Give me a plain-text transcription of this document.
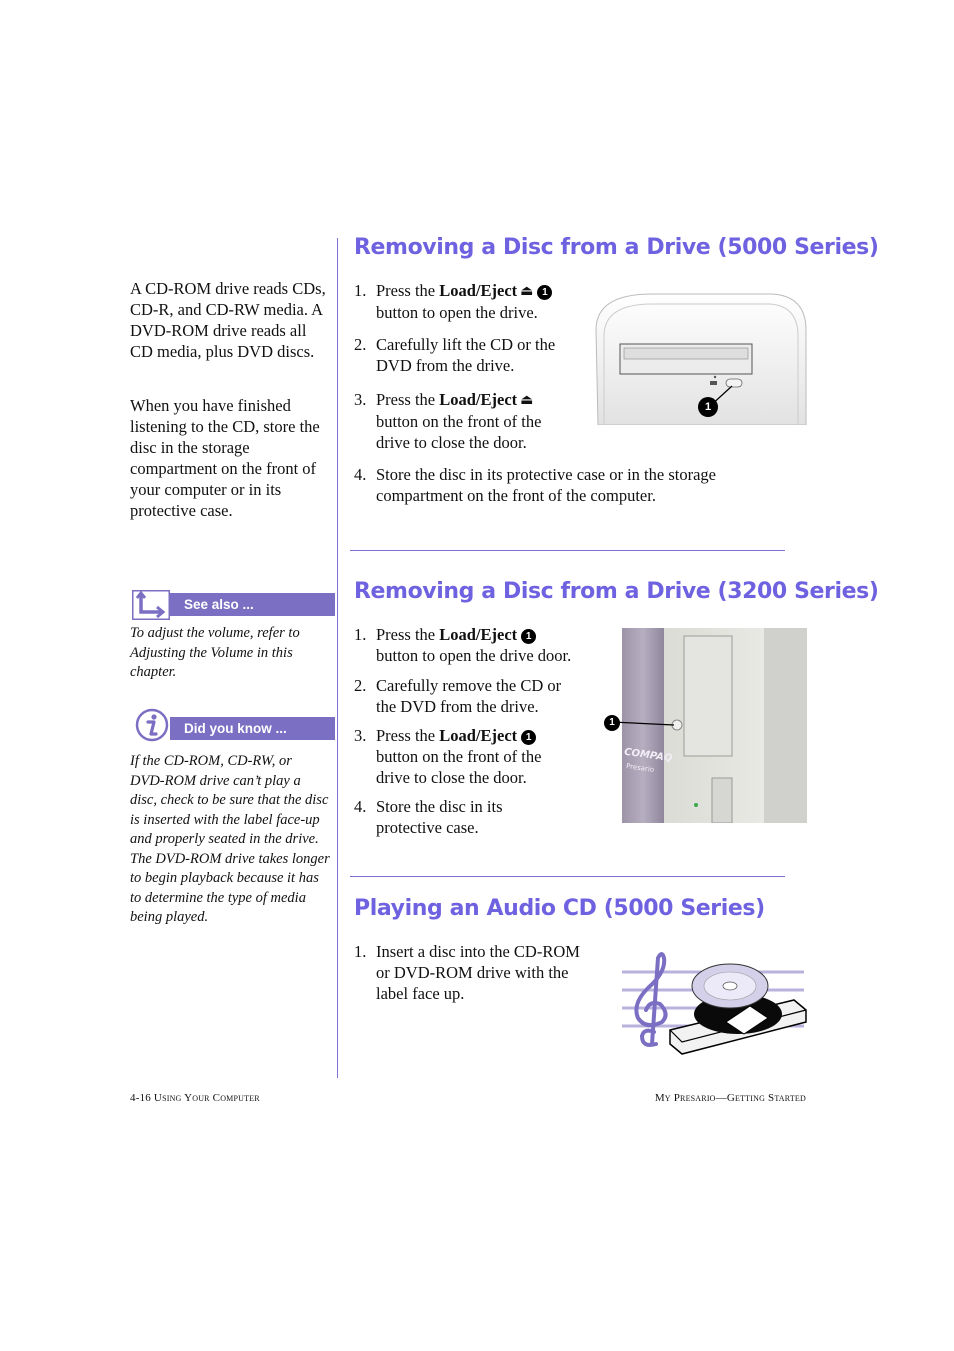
A CD-ROM drive reads CDs, CD-R, and CD-RW media. A DVD-ROM drive reads all CD media, plus DVD discs.
When you have finished listening to the CD, store the disc in the storage compartment on the front of your computer or in its protective case.
See also ...
To adjust the volume, refer to Adjusting the Volume in this chapter.
Did you know ...
If the CD-ROM, CD-RW, or DVD-ROM drive can’t play a disc, check to be sure that the disc is inserted with the label face-up and properly seated in the drive. The DVD-ROM drive takes longer to begin playback because it has to determine the type of media being played.
Removing a Disc from a Drive (5000 Series)
1. Press the Load/Eject ⏏ 1
button to open the drive.
2. Carefully lift the CD or the DVD from the drive.
3. Press the Load/Eject ⏏
button on the front of the drive to close the door.
4. Store the disc in its protective case or in the storage compartment on the front of the computer.
1
Removing a Disc from a Drive (3200 Series)
1. Press the Load/Eject 1
button to open the drive door.
2. Carefully remove the CD or the DVD from the drive.
3. Press the Load/Eject 1
button on the front of the drive to close the door.
4. Store the disc in its protective case.
COMPAQ
Presario
1
Playing an Audio CD (5000 Series)
1. Insert a disc into the CD-ROM or DVD-ROM drive with the label face up.
4-16 Using Your Computer	My Presario—Getting Started
